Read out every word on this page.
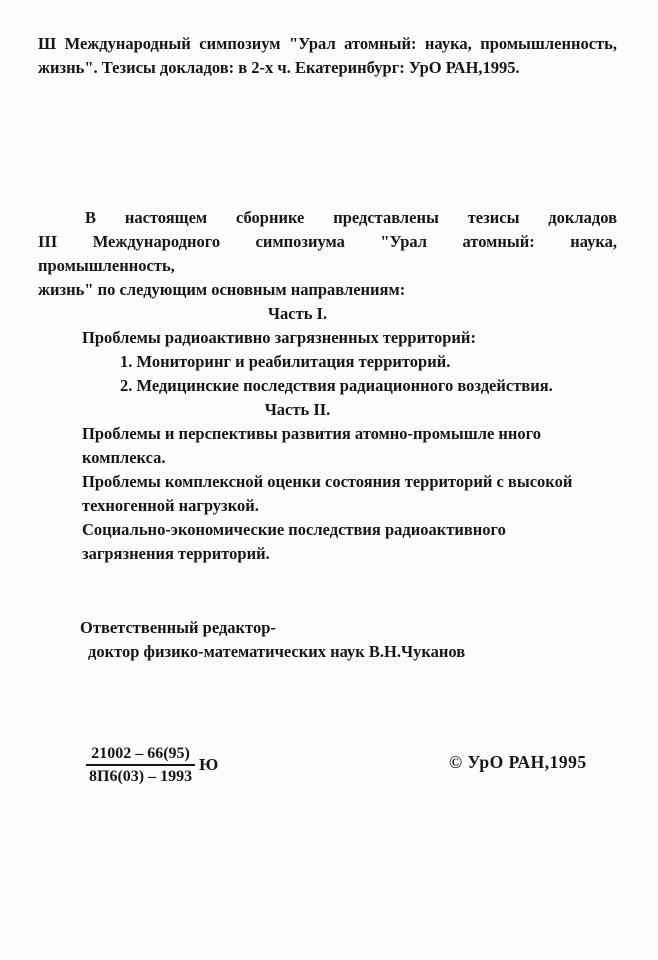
Ш Международный симпозиум "Урал атомный: наука, промышленность,
жизнь". Тезисы докладов: в 2-х ч. Екатеринбург: УрО РАН,1995.
В настоящем сборнике представлены тезисы докладов
III Международного симпозиума "Урал атомный: наука, промышленность,
жизнь" по следующим основным направлениям:
Часть I.
Проблемы радиоактивно загрязненных территорий:
1. Мониторинг и реабилитация территорий.
2. Медицинские последствия радиационного воздействия.
Часть II.
Проблемы и перспективы развития атомно-промышле нного
комплекса.
Проблемы комплексной оценки состояния территорий с высокой
техногенной нагрузкой.
Социально-экономические последствия радиоактивного
загрязнения территорий.
Ответственный редактор-
доктор физико-математических наук В.Н.Чуканов
$\frac{21002 - 66(95)}{8П6(03) - 1993}$ Ю	© УрО РАН,1995
